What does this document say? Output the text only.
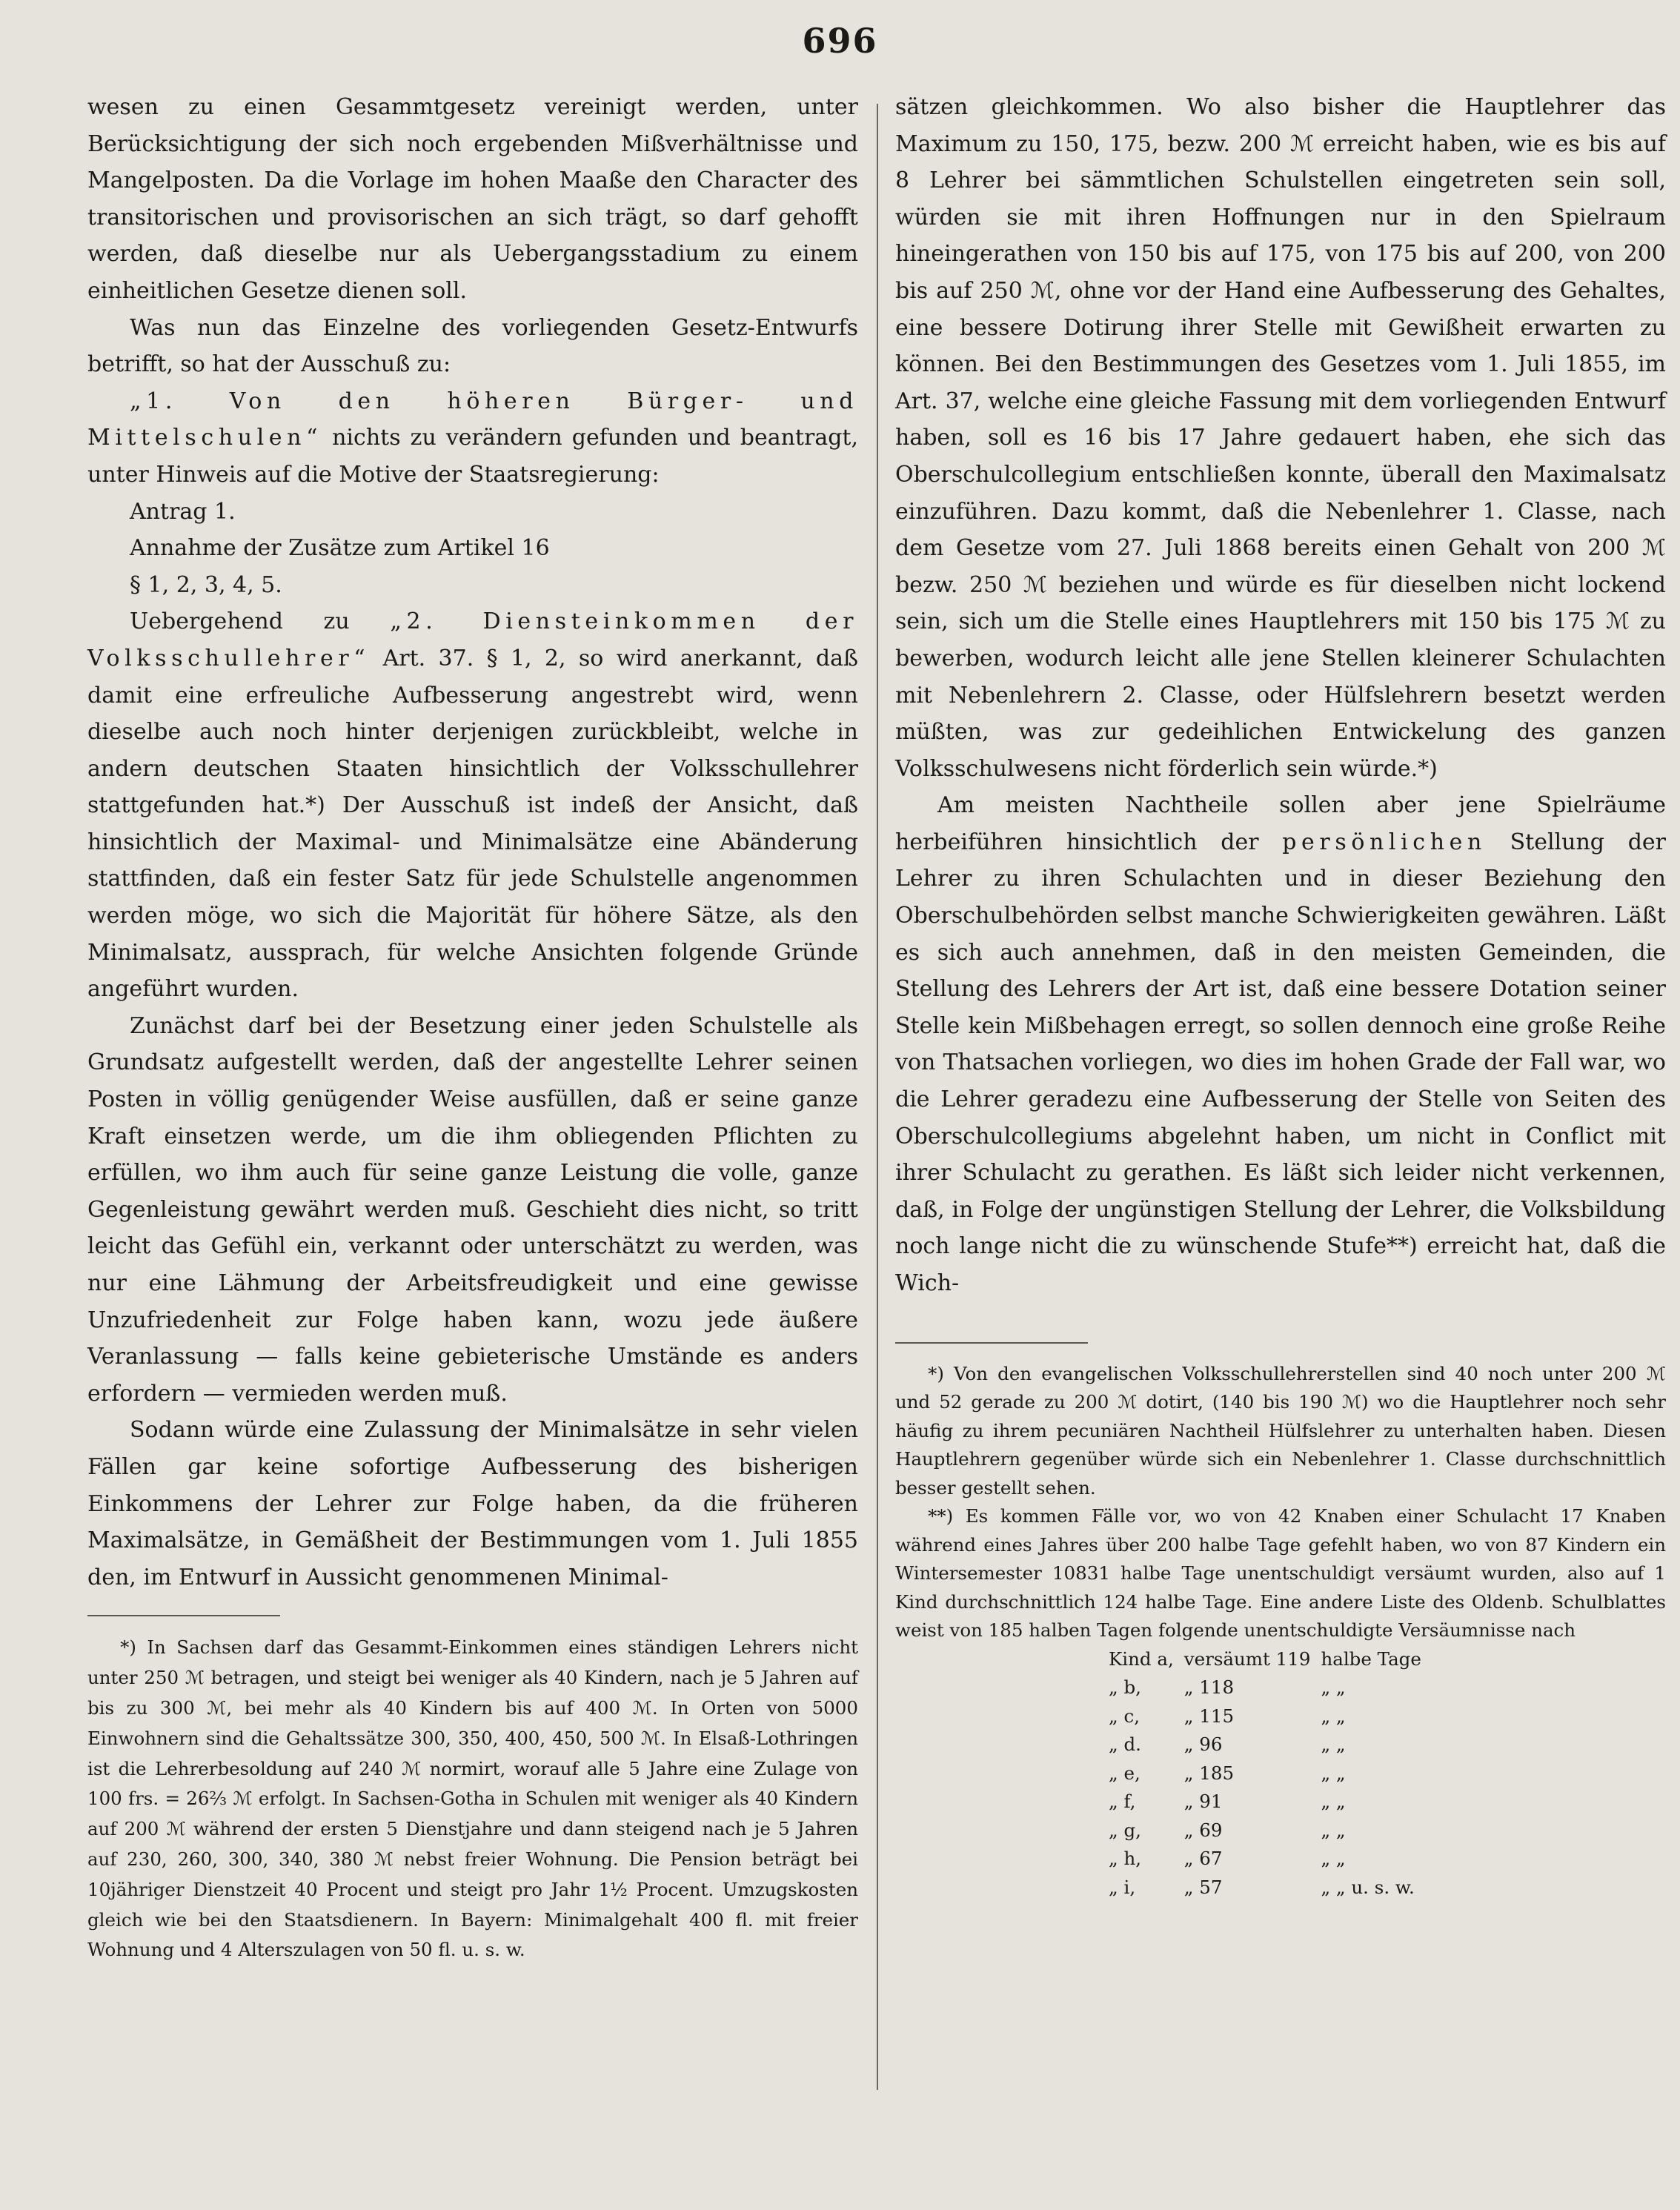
696

wesen zu einen Gesammtgesetz vereinigt werden, unter Berücksichtigung der sich noch ergebenden Mißverhältnisse und Mangelposten. Da die Vorlage im hohen Maaße den Character des transitorischen und provisorischen an sich trägt, so darf gehofft werden, daß dieselbe nur als Uebergangsstadium zu einem einheitlichen Gesetze dienen soll.

Was nun das Einzelne des vorliegenden Gesetz-Entwurfs betrifft, so hat der Ausschuß zu:

„1. Von den höheren Bürger- und Mittelschulen“ nichts zu verändern gefunden und beantragt, unter Hinweis auf die Motive der Staatsregierung:

Antrag 1.

Annahme der Zusätze zum Artikel 16

§ 1, 2, 3, 4, 5.

Uebergehend zu „2. Diensteinkommen der Volksschullehrer“ Art. 37. § 1, 2, so wird anerkannt, daß damit eine erfreuliche Aufbesserung angestrebt wird, wenn dieselbe auch noch hinter derjenigen zurückbleibt, welche in andern deutschen Staaten hinsichtlich der Volksschullehrer stattgefunden hat.*) Der Ausschuß ist indeß der Ansicht, daß hinsichtlich der Maximal- und Minimalsätze eine Abänderung stattfinden, daß ein fester Satz für jede Schulstelle angenommen werden möge, wo sich die Majorität für höhere Sätze, als den Minimalsatz, aussprach, für welche Ansichten folgende Gründe angeführt wurden.

Zunächst darf bei der Besetzung einer jeden Schulstelle als Grundsatz aufgestellt werden, daß der angestellte Lehrer seinen Posten in völlig genügender Weise ausfüllen, daß er seine ganze Kraft einsetzen werde, um die ihm obliegenden Pflichten zu erfüllen, wo ihm auch für seine ganze Leistung die volle, ganze Gegenleistung gewährt werden muß. Geschieht dies nicht, so tritt leicht das Gefühl ein, verkannt oder unterschätzt zu werden, was nur eine Lähmung der Arbeitsfreudigkeit und eine gewisse Unzufriedenheit zur Folge haben kann, wozu jede äußere Veranlassung — falls keine gebieterische Umstände es anders erfordern — vermieden werden muß.

Sodann würde eine Zulassung der Minimalsätze in sehr vielen Fällen gar keine sofortige Aufbesserung des bisherigen Einkommens der Lehrer zur Folge haben, da die früheren Maximalsätze, in Gemäßheit der Bestimmungen vom 1. Juli 1855 den, im Entwurf in Aussicht genommenen Minimal-

*) In Sachsen darf das Gesammt-Einkommen eines ständigen Lehrers nicht unter 250 ℳ betragen, und steigt bei weniger als 40 Kindern, nach je 5 Jahren auf bis zu 300 ℳ, bei mehr als 40 Kindern bis auf 400 ℳ. In Orten von 5000 Einwohnern sind die Gehaltssätze 300, 350, 400, 450, 500 ℳ. In Elsaß-Lothringen ist die Lehrerbesoldung auf 240 ℳ normirt, worauf alle 5 Jahre eine Zulage von 100 frs. = 26⅔ ℳ erfolgt. In Sachsen-Gotha in Schulen mit weniger als 40 Kindern auf 200 ℳ während der ersten 5 Dienstjahre und dann steigend nach je 5 Jahren auf 230, 260, 300, 340, 380 ℳ nebst freier Wohnung. Die Pension beträgt bei 10jähriger Dienstzeit 40 Procent und steigt pro Jahr 1½ Procent. Umzugskosten gleich wie bei den Staatsdienern. In Bayern: Minimalgehalt 400 fl. mit freier Wohnung und 4 Alterszulagen von 50 fl. u. s. w.

sätzen gleichkommen. Wo also bisher die Hauptlehrer das Maximum zu 150, 175, bezw. 200 ℳ erreicht haben, wie es bis auf 8 Lehrer bei sämmtlichen Schulstellen eingetreten sein soll, würden sie mit ihren Hoffnungen nur in den Spielraum hineingerathen von 150 bis auf 175, von 175 bis auf 200, von 200 bis auf 250 ℳ, ohne vor der Hand eine Aufbesserung des Gehaltes, eine bessere Dotirung ihrer Stelle mit Gewißheit erwarten zu können. Bei den Bestimmungen des Gesetzes vom 1. Juli 1855, im Art. 37, welche eine gleiche Fassung mit dem vorliegenden Entwurf haben, soll es 16 bis 17 Jahre gedauert haben, ehe sich das Oberschulcollegium entschließen konnte, überall den Maximalsatz einzuführen. Dazu kommt, daß die Nebenlehrer 1. Classe, nach dem Gesetze vom 27. Juli 1868 bereits einen Gehalt von 200 ℳ bezw. 250 ℳ beziehen und würde es für dieselben nicht lockend sein, sich um die Stelle eines Hauptlehrers mit 150 bis 175 ℳ zu bewerben, wodurch leicht alle jene Stellen kleinerer Schulachten mit Nebenlehrern 2. Classe, oder Hülfslehrern besetzt werden müßten, was zur gedeihlichen Entwickelung des ganzen Volksschulwesens nicht förderlich sein würde.*)

Am meisten Nachtheile sollen aber jene Spielräume herbeiführen hinsichtlich der persönlichen Stellung der Lehrer zu ihren Schulachten und in dieser Beziehung den Oberschulbehörden selbst manche Schwierigkeiten gewähren. Läßt es sich auch annehmen, daß in den meisten Gemeinden, die Stellung des Lehrers der Art ist, daß eine bessere Dotation seiner Stelle kein Mißbehagen erregt, so sollen dennoch eine große Reihe von Thatsachen vorliegen, wo dies im hohen Grade der Fall war, wo die Lehrer geradezu eine Aufbesserung der Stelle von Seiten des Oberschulcollegiums abgelehnt haben, um nicht in Conflict mit ihrer Schulacht zu gerathen. Es läßt sich leider nicht verkennen, daß, in Folge der ungünstigen Stellung der Lehrer, die Volksbildung noch lange nicht die zu wünschende Stufe**) erreicht hat, daß die Wich-

*) Von den evangelischen Volksschullehrerstellen sind 40 noch unter 200 ℳ und 52 gerade zu 200 ℳ dotirt, (140 bis 190 ℳ) wo die Hauptlehrer noch sehr häufig zu ihrem pecuniären Nachtheil Hülfslehrer zu unterhalten haben. Diesen Hauptlehrern gegenüber würde sich ein Nebenlehrer 1. Classe durchschnittlich besser gestellt sehen.

**) Es kommen Fälle vor, wo von 42 Knaben einer Schulacht 17 Knaben während eines Jahres über 200 halbe Tage gefehlt haben, wo von 87 Kindern ein Wintersemester 10831 halbe Tage unentschuldigt versäumt wurden, also auf 1 Kind durchschnittlich 124 halbe Tage. Eine andere Liste des Oldenb. Schulblattes weist von 185 halben Tagen folgende unentschuldigte Versäumnisse nach

Kind a,	versäumt 119	halbe Tage
„ b,	„ 118	„ „
„ c,	„ 115	„ „
„ d.	„ 96	„ „
„ e,	„ 185	„ „
„ f,	„ 91	„ „
„ g,	„ 69	„ „
„ h,	„ 67	„ „
„ i,	„ 57	„ „ u. s. w.
